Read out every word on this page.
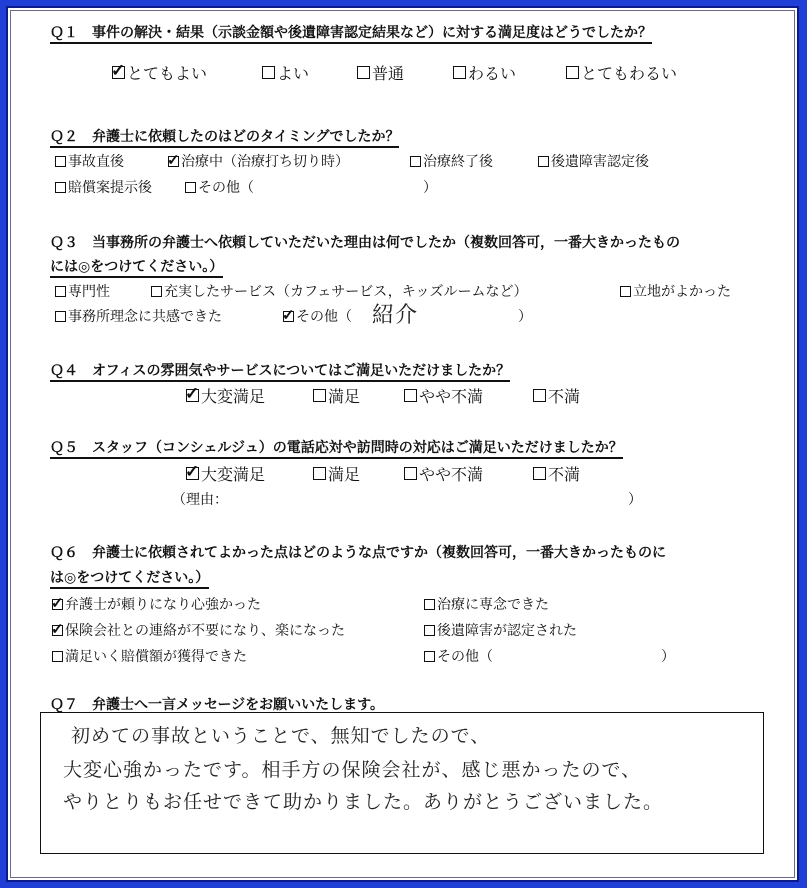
Ｑ１　事件の解決・結果（示談金額や後遺障害認定結果など）に対する満足度はどうでしたか？
✓ とてもよい	よい	普通	わるい	とてもわるい
Ｑ２　弁護士に依頼したのはどのタイミングでしたか？
事故直後	✓ 治療中（治療打ち切り時）	治療終了後	後遺障害認定後
賠償案提示後	その他（	）
Ｑ３　当事務所の弁護士へ依頼していただいた理由は何でしたか（複数回答可，一番大きかったもの
には◎をつけてください。）
専門性	充実したサービス（カフェサービス，キッズルームなど）	立地がよかった
事務所理念に共感できた	✓ その他（ 紹介	）
Ｑ４　オフィスの雰囲気やサービスについてはご満足いただけましたか？
✓ 大変満足	満足	やや不満	不満
Ｑ５　スタッフ（コンシェルジュ）の電話応対や訪問時の対応はご満足いただけましたか？
✓ 大変満足	満足	やや不満	不満
（理由：	）
Ｑ６　弁護士に依頼されてよかった点はどのような点ですか（複数回答可，一番大きかったものに
は◎をつけてください。）
✓ 弁護士が頼りになり心強かった	治療に専念できた
✓ 保険会社との連絡が不要になり、楽になった	後遺障害が認定された
満足いく賠償額が獲得できた	その他（	）
Ｑ７　弁護士へ一言メッセージをお願いいたします。
初めての事故ということで、無知でしたので、
大変心強かったです。相手方の保険会社が、感じ悪かったので、
やりとりもお任せできて助かりました。ありがとうございました。
